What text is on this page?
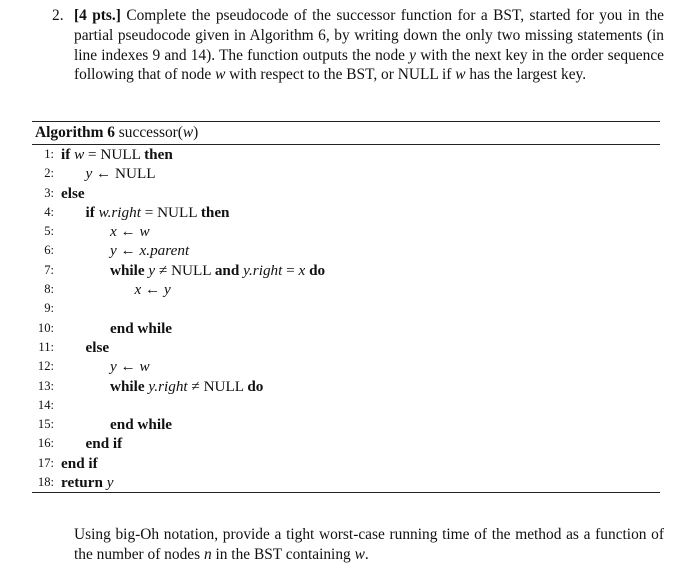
2. [4 pts.] Complete the pseudocode of the successor function for a BST, started for you in the partial pseudocode given in Algorithm 6, by writing down the only two missing statements (in line indexes 9 and 14). The function outputs the node y with the next key in the order sequence following that of node w with respect to the BST, or NULL if w has the largest key.
Algorithm 6 successor(w)
1: if w = NULL then
2: y ← NULL
3: else
4: if w.right = NULL then
5:	x ← w
6:	y ← x.parent
7:	while y ≠ NULL and y.right = x do
8:	x ← y
9:
10:	end while
11: else
12:	y ← w
13:	while y.right ≠ NULL do
14:
15:	end while
16: end if
17: end if
18: return y
Using big-Oh notation, provide a tight worst-case running time of the method as a function of the number of nodes n in the BST containing w.
